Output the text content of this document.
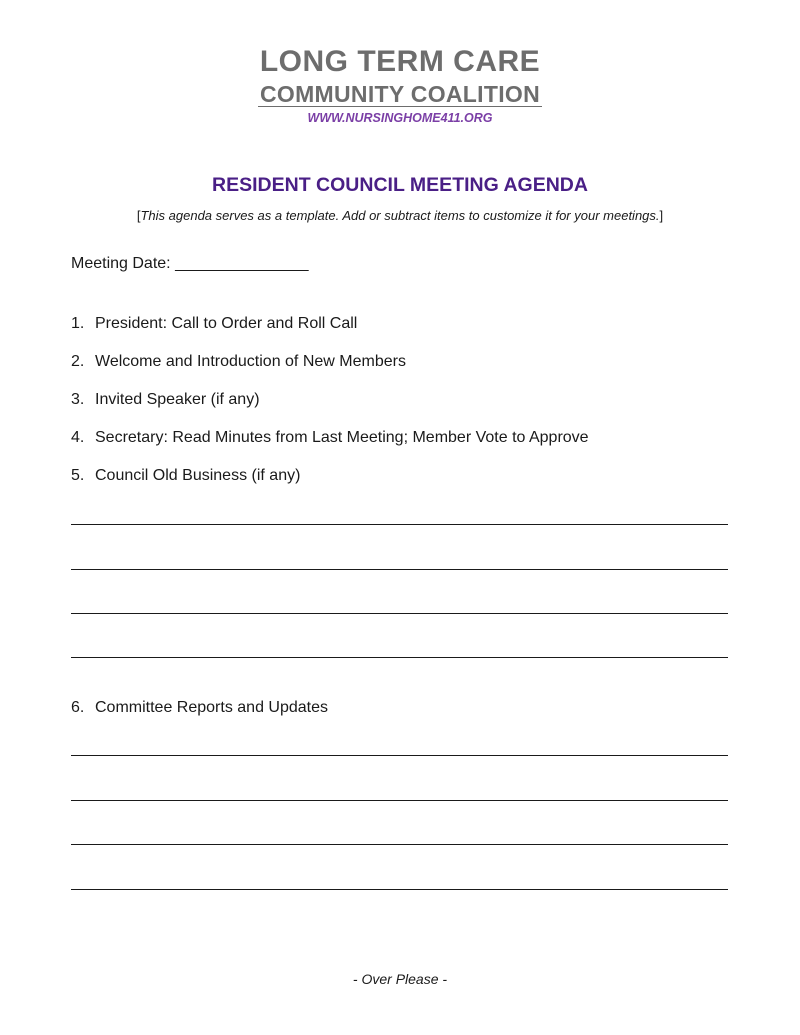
LONG TERM CARE
COMMUNITY COALITION
WWW.NURSINGHOME411.ORG
RESIDENT COUNCIL MEETING AGENDA
[This agenda serves as a template. Add or subtract items to customize it for your meetings.]
Meeting Date: _______________
1. President: Call to Order and Roll Call
2. Welcome and Introduction of New Members
3. Invited Speaker (if any)
4. Secretary: Read Minutes from Last Meeting; Member Vote to Approve
5. Council Old Business (if any)
6. Committee Reports and Updates
- Over Please -
